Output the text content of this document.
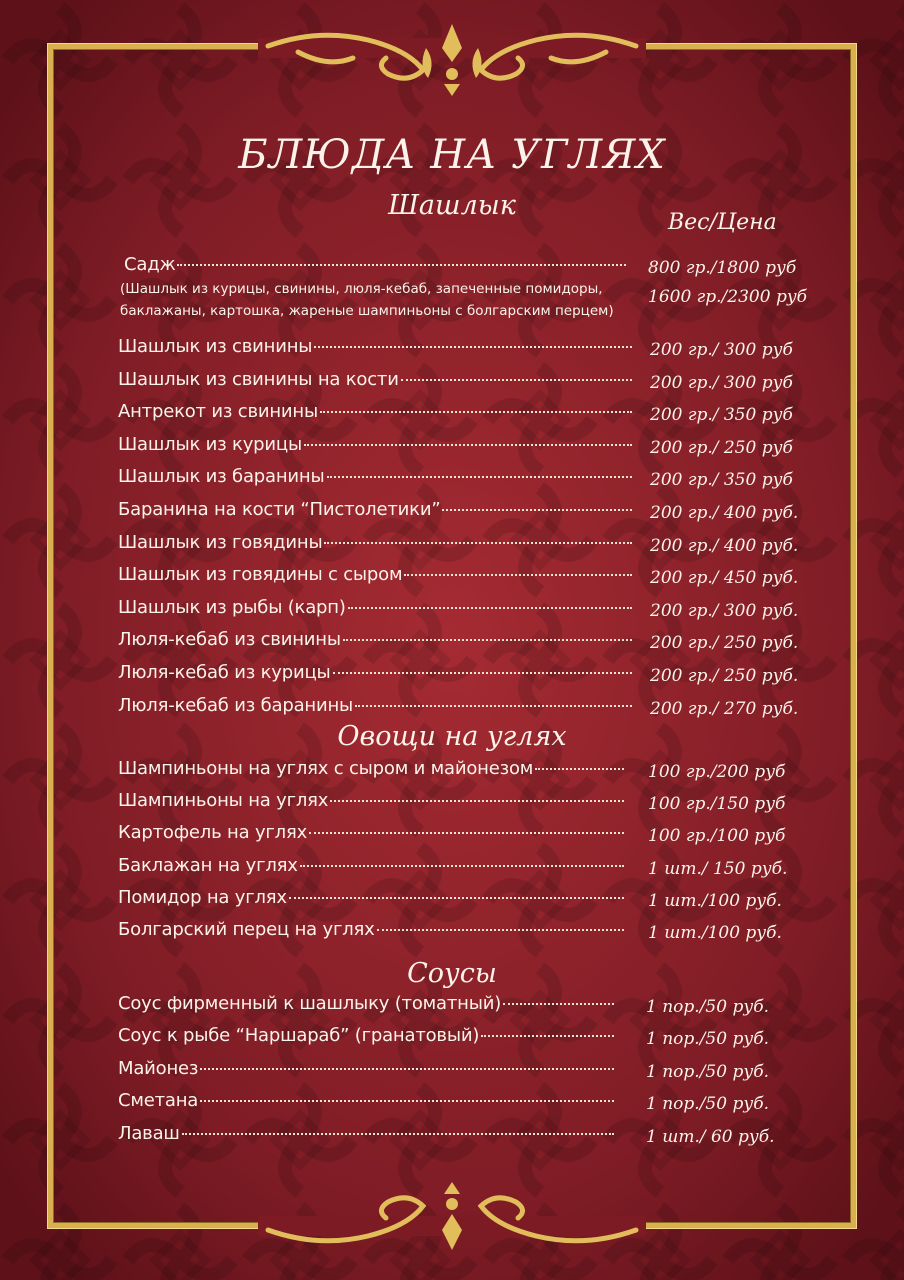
БЛЮДА НА УГЛЯХ
Шашлык
Вес/Цена
Садж	800 гр./1800 руб
1600 гр./2300 руб
(Шашлык из курицы, свинины, люля-кебаб, запеченные помидоры,
баклажаны, картошка, жареные шампиньоны с болгарским перцем)
Шашлык из свинины	200 гр./ 300 руб
Шашлык из свинины на кости	200 гр./ 300 руб
Антрекот из свинины	200 гр./ 350 руб
Шашлык из курицы	200 гр./ 250 руб
Шашлык из баранины	200 гр./ 350 руб
Баранина на кости “Пистолетики”	200 гр./ 400 руб.
Шашлык из говядины	200 гр./ 400 руб.
Шашлык из говядины с сыром	200 гр./ 450 руб.
Шашлык из рыбы (карп)	200 гр./ 300 руб.
Люля-кебаб из свинины	200 гр./ 250 руб.
Люля-кебаб из курицы	200 гр./ 250 руб.
Люля-кебаб из баранины	200 гр./ 270 руб.
Овощи на углях
Шампиньоны на углях с сыром и майонезом	100 гр./200 руб
Шампиньоны на углях	100 гр./150 руб
Картофель на углях	100 гр./100 руб
Баклажан на углях	1 шт./ 150 руб.
Помидор на углях	1 шт./100 руб.
Болгарский перец на углях	1 шт./100 руб.
Соусы
Соус фирменный к шашлыку (томатный)	1 пор./50 руб.
Соус к рыбе “Наршараб” (гранатовый)	1 пор./50 руб.
Майонез	1 пор./50 руб.
Сметана	1 пор./50 руб.
Лаваш	1 шт./ 60 руб.
